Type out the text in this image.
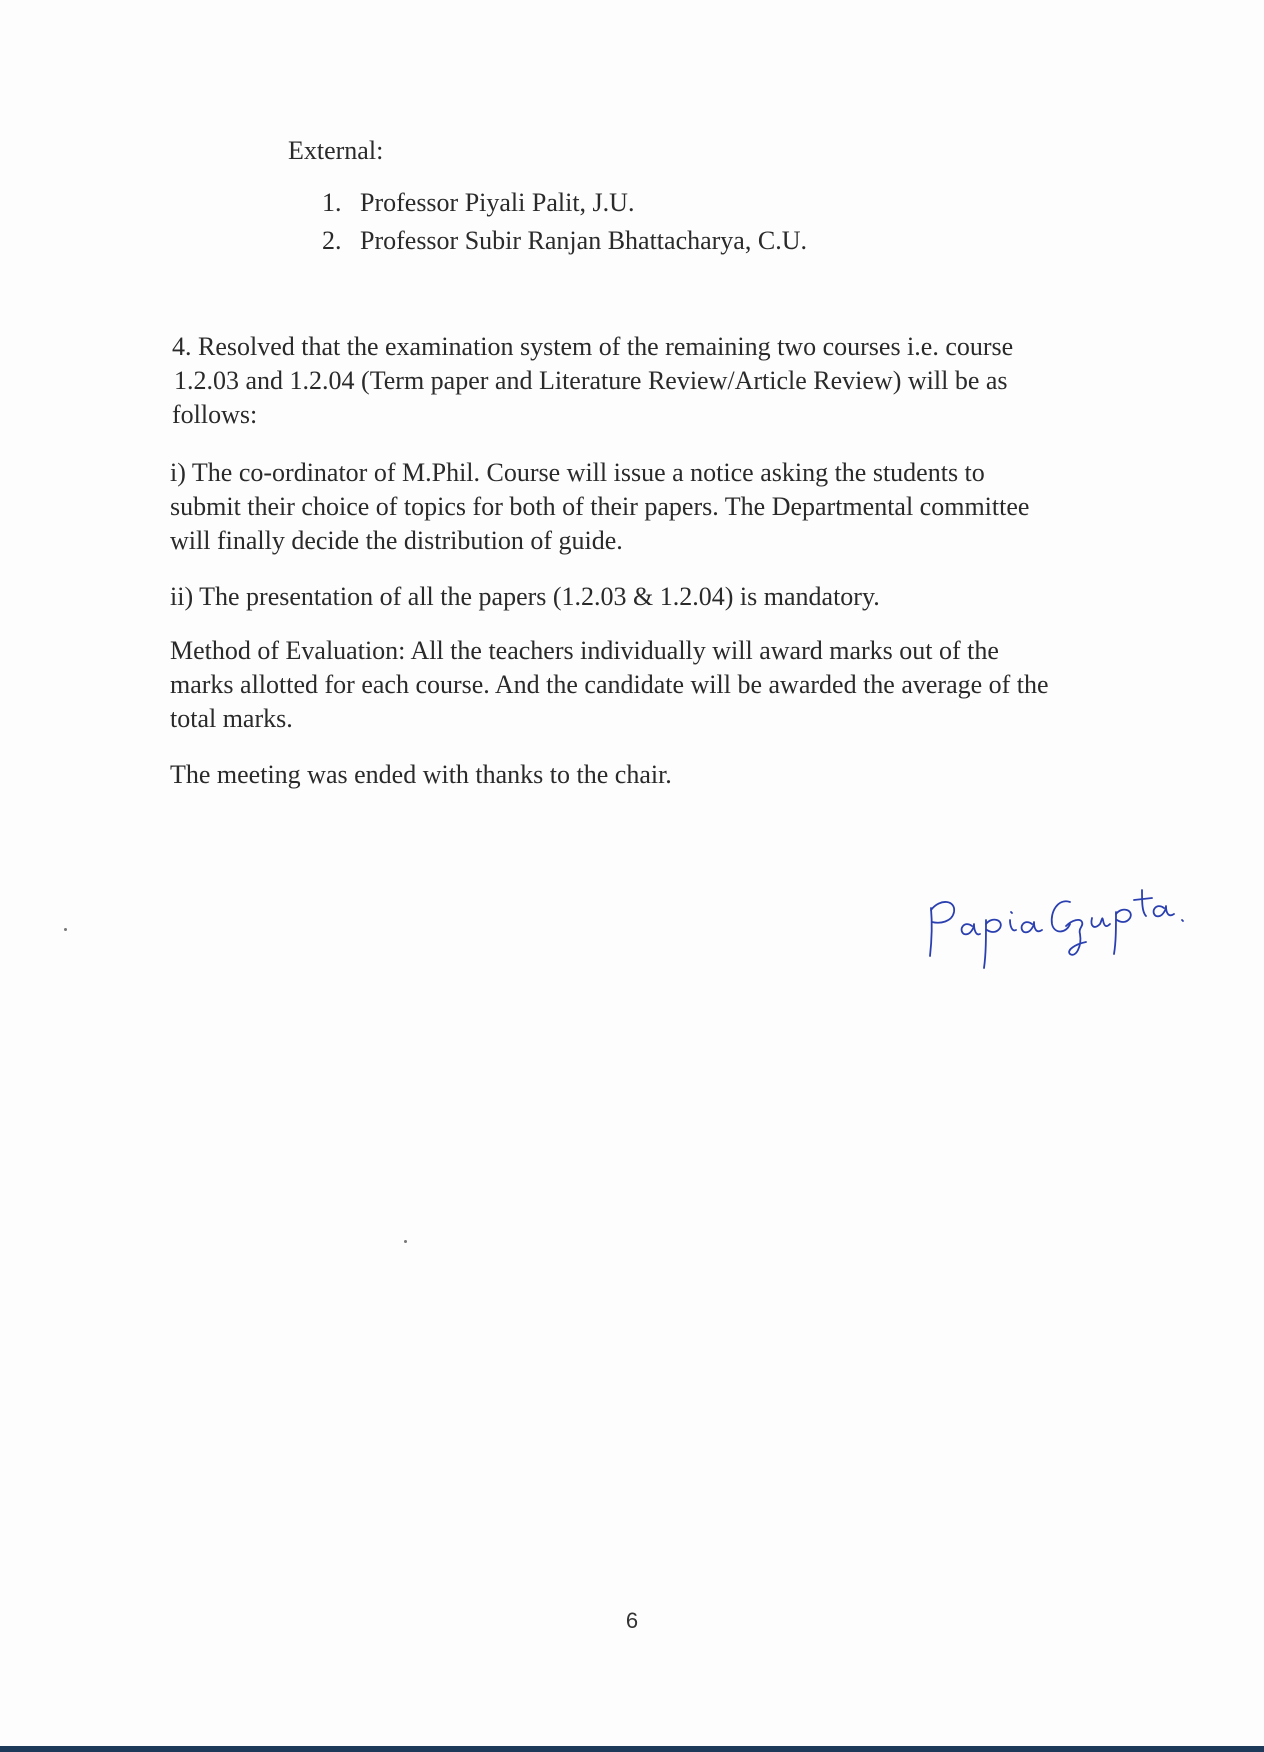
External:
1. Professor Piyali Palit, J.U.
2. Professor Subir Ranjan Bhattacharya, C.U.
4. Resolved that the examination system of the remaining two courses i.e. course
1.2.03 and 1.2.04 (Term paper and Literature Review/Article Review) will be as
follows:
i) The co-ordinator of M.Phil. Course will issue a notice asking the students to
submit their choice of topics for both of their papers. The Departmental committee
will finally decide the distribution of guide.
ii) The presentation of all the papers (1.2.03 & 1.2.04) is mandatory.
Method of Evaluation: All the teachers individually will award marks out of the
marks allotted for each course. And the candidate will be awarded the average of the
total marks.
The meeting was ended with thanks to the chair.
6
